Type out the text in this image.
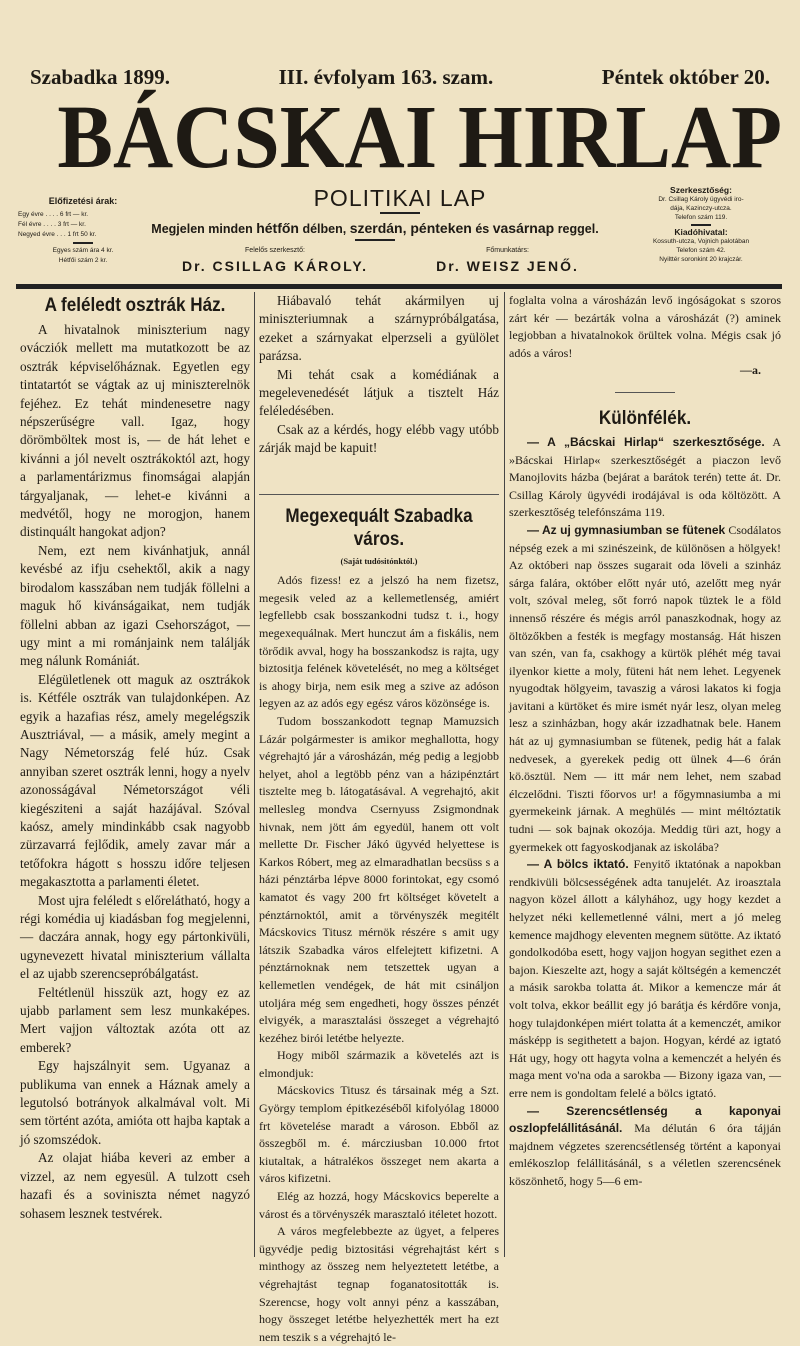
Szabadka 1899.	III. évfolyam 163. szam.	Péntek október 20.
BÁCSKAI HIRLAP
POLITIKAI LAP
Megjelen minden hétfőn délben, szerdán, pénteken és vasárnap reggel.
Előfizetési árak:
Egy évre . . . . 6 frt — kr.
Fél évre . . . . 3 frt — kr.
Negyed évre . . . 1 frt 50 kr.
Egyes szám ára 4 kr.
Hétfői szám 2 kr.
Szerkesztőség:
Dr. Csillag Károly ügyvédi iro-
dája, Kazinczy-utcza.
Telefon szám 119.
Kiadóhivatal:
Kossuth-utcza, Vojnich palotában
Telefon szám 42.
Nyilttér soronkint 20 krajczár.
Felelős szerkesztő:
Dr. CSILLAG KÁROLY.
Főmunkatárs:
Dr. WEISZ JENŐ.
A feléledt osztrák Ház.

A hivatalnok miniszterium nagy ovácziók mellett ma mutatkozott be az osztrák képviselőháznak. Egyetlen egy tintatartót se vágtak az uj miniszterelnök fejéhez. Ez tehát mindenesetre nagy népszerűségre vall. Igaz, hogy dörömböltek most is, — de hát lehet e kivánni a jól nevelt osztrákoktól azt, hogy a parlamentárizmus finomságai alapján tárgyaljanak, — lehet-e kivánni a medvétől, hogy ne morogjon, hanem distinquált hangokat adjon?

Nem, ezt nem kivánhatjuk, annál kevésbé az ifju csehektől, akik a nagy birodalom kasszában nem tudják föllelni a maguk hő kivánságaikat, nem tudják föllelni abban az igazi Csehországot, — ugy mint a mi románjaink nem találják meg nálunk Romániát.

Elégületlenek ott maguk az osztrákok is. Kétféle osztrák van tulajdonképen. Az egyik a hazafias rész, amely megelégszik Ausztriával, — a másik, amely megint a Nagy Németország felé húz. Csak annyiban szeret osztrák lenni, hogy a nyelv azonosságával Németországot véli kiegésziteni a saját hazájával. Szóval kaósz, amely mindinkább csak nagyobb zürzavarrá fejlődik, amely zavar már a tetőfokra hágott s hosszu időre teljesen megakasztotta a parlamenti életet.

Most ujra feléledt s előrelátható, hogy a régi komédia uj kiadásban fog megjelenni, — daczára annak, hogy egy pártonkivüli, ugynevezett hivatal miniszterium vállalta el az ujabb szerencsepróbálgatást.

Feltétlenül hisszük azt, hogy ez az ujabb parlament sem lesz munkaképes. Mert vajjon változtak azóta ott az emberek?

Egy hajszálnyit sem. Ugyanaz a publikuma van ennek a Háznak amely a legutolsó botrányok alkalmával volt. Mi sem történt azóta, amióta ott hajba kaptak a jó szomszédok.

Az olajat hiába keveri az ember a vizzel, az nem egyesül. A tulzott cseh hazafi és a soviniszta német nagyzó sohasem lesznek testvérek.

Hiábavaló tehát akármilyen uj miniszteriumnak a szárnypróbálgatása, ezeket a szárnyakat elperzseli a gyülölet parázsa.

Mi tehát csak a komédiának a megelevenedését látjuk a tisztelt Ház feléledésében.

Csak az a kérdés, hogy elébb vagy utóbb zárják majd be kapuit!

Megexequált Szabadka város.
(Saját tudósitónktól.)

Adós fizess! ez a jelszó ha nem fizetsz, megesik veled az a kellemetlenség, amiért legfellebb csak bosszankodni tudsz t. i., hogy megexequálnak. Mert hunczut ám a fiskális, nem törődik avval, hogy ha bosszankodsz is rajta, ugy biztositja felének követelését, no meg a költséget is ahogy birja, nem esik meg a szive az adóson legyen az az adós egy egész város közönsége is.

Tudom bosszankodott tegnap Mamuzsich Lázár polgármester is amikor meghallotta, hogy végrehajtó jár a városházán, még pedig a legjobb helyet, ahol a legtöbb pénz van a házipénztárt tisztelte meg b. látogatásával. A vegrehajtó, akit mellesleg mondva Csernyuss Zsigmondnak hivnak, nem jött ám egyedül, hanem ott volt mellette Dr. Fischer Jákó ügyvéd helyettese is Karkos Róbert, meg az elmaradhatlan becsüss s a házi pénztárba lépve 8000 forintokat, egy csomó kamatot és vagy 200 frt költséget követelt a pénztárnoktól, amit a törvényszék megitélt Mácskovics Titusz mérnök részére s amit ugy látszik Szabadka város elfelejtett kifizetni. A pénztárnoknak nem tetszettek ugyan a kellemetlen vendégek, de hát mit csináljon utoljára még sem engedheti, hogy összes pénzét elvigyék, a marasztalási összeget a végrehajtó kezéhez birói letétbe helyezte.

Hogy miből származik a követelés azt is elmondjuk:

Mácskovics Titusz és társainak még a Szt. György templom épitkezéséből kifolyólag 18000 frt követelése maradt a városon. Ebből az összegből m. é. márcziusban 10.000 frtot kiutaltak, a hátralékos összeget nem akarta a város kifizetni.

Elég az hozzá, hogy Mácskovics beperelte a várost és a törvényszék marasztaló itéletet hozott.

A város megfelebbezte az ügyet, a felperes ügyvédje pedig biztositási végrehajtást kért s minthogy az összeg nem helyeztetett letétbe, a végrehajtást tegnap foganatositották is. Szerencse, hogy volt annyi pénz a kasszában, hogy összeget letétbe helyezhették mert ha ezt nem teszik s a végrehajtó le-

foglalta volna a városházán levő ingóságokat s szoros zárt kér — bezárták volna a városházát (?) aminek legjobban a hivatalnokok örültek volna. Mégis csak jó adós a város!

—a.

Különfélék.

— A „Bácskai Hirlap“ szerkesztősége. A »Bácskai Hirlap« szerkesztőségét a piaczon levő Manojlovits házba (bejárat a barátok terén) tette át. Dr. Csillag Károly ügyvédi irodájával is oda költözött. A szerkesztőség telefónszáma 119.

— Az uj gymnasiumban se fütenek Csodálatos népség ezek a mi szinészeink, de különösen a hölgyek! Az októberi nap összes sugarait oda löveli a szinház sárga falára, október előtt nyár utó, azelőtt meg nyár volt, szóval meleg, sőt forró napok tüztek le a föld innenső részére és mégis arról panaszkodnak, hogy az öltözőkben a festék is megfagy mostanság. Hát hiszen van szén, van fa, csakhogy a kürtök pléhét még tavai ilyenkor kiette a moly, füteni hát nem lehet. Legyenek nyugodtak hölgyeim, tavaszig a városi lakatos ki fogja javitani a kürtöket és mire ismét nyár lesz, olyan meleg lesz a szinházban, hogy akár izzadhatnak bele. Hanem hát az uj gymnasiumban se fütenek, pedig hát a falak nedvesek, a gyerekek pedig ott ülnek 4—6 órán kö.ösztül. Nem — itt már nem lehet, nem szabad élczelődni. Tiszti főorvos ur! a főgymnasiumba a mi gyermekeink járnak. A meghülés — mint méltóztatik tudni — sok bajnak okozója. Meddig türi azt, hogy a gyermekek ott fagyoskodjanak az iskolába?

— A bölcs iktató. Fenyitő iktatónak a napokban rendkivüli bölcsességének adta tanujelét. Az iroasztala nagyon közel állott a kályhához, ugy hogy kezdet a helyzet néki kellemetlenné válni, mert a jó meleg kemence majdhogy eleventen megnem sütötte. Az iktató gondolkodóba esett, hogy vajjon hogyan segithet ezen a bajon. Kieszelte azt, hogy a saját költségén a kemenczét a másik sarokba tolatta át. Mikor a kemencze már át volt tolva, ekkor beállit egy jó barátja és kérdőre vonja, hogy tulajdonképen miért tolatta át a kemenczét, amikor másképp is segithetett a bajon. Hogyan, kérdé az igtató Hát ugy, hogy ott hagyta volna a kemenczét a helyén és maga ment vo'na oda a sarokba — Bizony igaza van, — erre nem is gondoltam felelé a bölcs igtató.

— Szerencsétlenség a kaponyai oszlopfelállitásánál. Ma délután 6 óra tájján majdnem végzetes szerencsétlenség történt a kaponyai emlékoszlop felállitásánál, s a véletlen szerencsének köszönhető, hogy 5—6 em-
